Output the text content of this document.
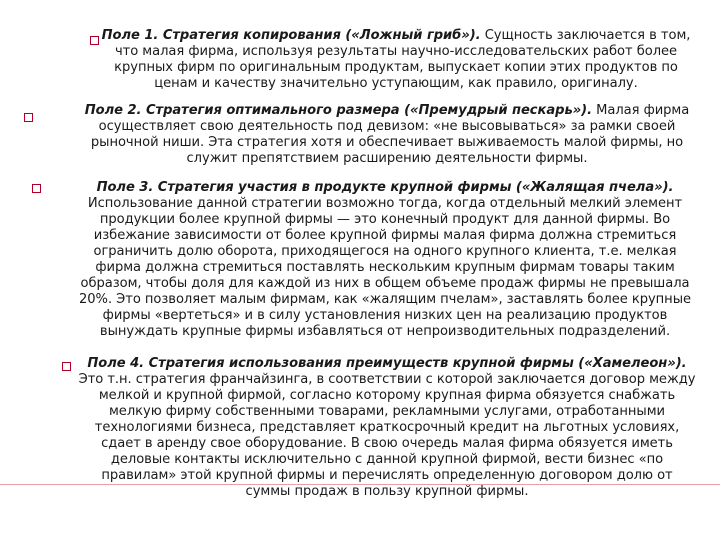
Поле 1. Стратегия копирования («Ложный гриб»). Сущность заключается в том, что малая фирма, используя результаты научно-исследовательских работ более крупных фирм по оригинальным продуктам, выпускает копии этих продуктов по ценам и качеству значительно уступающим, как правило, оригиналу.
Поле 2. Стратегия оптимального размера («Премудрый пескарь»). Малая фирма осуществляет свою деятельность под девизом: «не высовываться» за рамки своей рыночной ниши. Эта стратегия хотя и обеспечивает выживаемость малой фирмы, но служит препятствием расширению деятельности фирмы.
Поле 3. Стратегия участия в продукте крупной фирмы («Жалящая пчела»). Использование данной стратегии возможно тогда, когда отдельный мелкий элемент продукции более крупной фирмы — это конечный продукт для данной фирмы. Во избежание зависимости от более крупной фирмы малая фирма должна стремиться ограничить долю оборота, приходящегося на одного крупного клиента, т.е. мелкая фирма должна стремиться поставлять нескольким крупным фирмам товары таким образом, чтобы доля для каждой из них в общем объеме продаж фирмы не превышала 20%. Это позволяет малым фирмам, как «жалящим пчелам», заставлять более крупные фирмы «вертеться» и в силу установления низких цен на реализацию продуктов вынуждать крупные фирмы избавляться от непроизводительных подразделений.
Поле 4. Стратегия использования преимуществ крупной фирмы («Хамелеон»). Это т.н. стратегия франчайзинга, в соответствии с которой заключается договор между мелкой и крупной фирмой, согласно которому крупная фирма обязуется снабжать мелкую фирму собственными товарами, рекламными услугами, отработанными технологиями бизнеса, представляет краткосрочный кредит на льготных условиях, сдает в аренду свое оборудование. В свою очередь малая фирма обязуется иметь деловые контакты исключительно с данной крупной фирмой, вести бизнес «по правилам» этой крупной фирмы и перечислять определенную договором долю от суммы продаж в пользу крупной фирмы.
